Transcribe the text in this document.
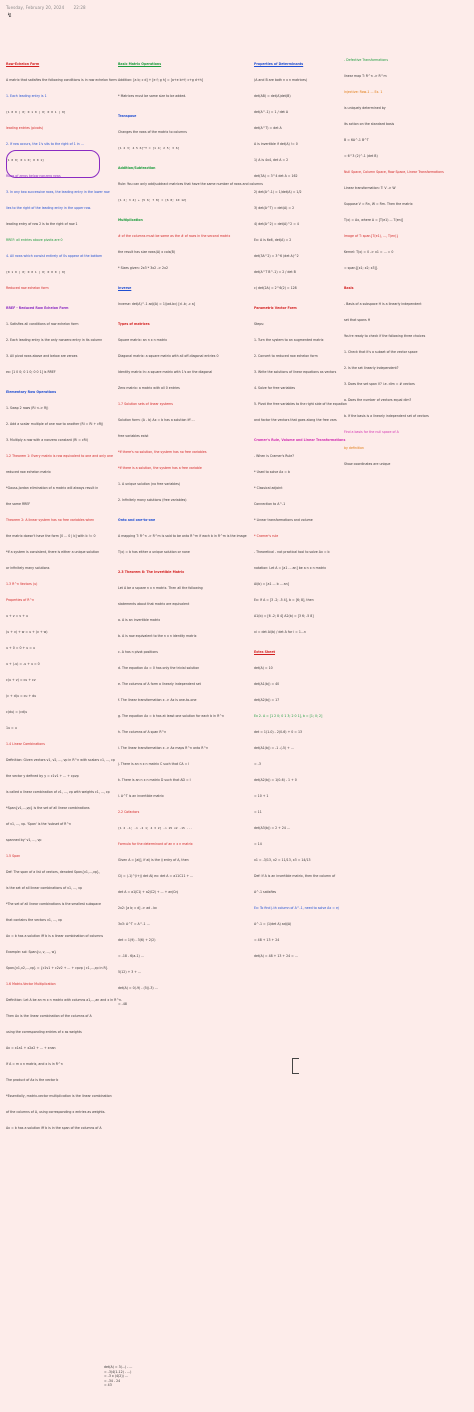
Tuesday, February 20, 2024 22:28
↯
Row-Echelon Form
A matrix that satisfies the following conditions is in row echelon form:
1. Each leading entry is 1
[1 0 0 | 0; 0 1 0 | 0; 0 0 1 | 0]
leading entries (pivots)
2. If row occurs, the 1's sits to the right of 1 in ...
[1 0 0; 0 1 0; 0 0 1]
Rows of zeros below nonzero rows
3. In any two successive rows, the leading entry in the lower row
lies to the right of the leading entry in the upper row.
leading entry of row 2 is to the right of row 1
RREF: all entries above pivots are 0
4. All rows which consist entirely of 0s appear at the bottom
[0 1 0 | 0; 0 0 1 | 0; 0 0 0 | 0]
Reduced row echelon form
RREF - Reduced Row Echelon Form
1. Satisfies all conditions of row echelon form
2. Each leading entry is the only nonzero entry in its column
3. All pivot rows above and below are zeroes
ex: [1 0 0; 0 1 0; 0 0 1] is RREF
Elementary Row Operations
1. Swap 2 rows (Ri <-> Rj)
2. Add a scalar multiple of one row to another (Ri = Ri + cRj)
3. Multiply a row with a nonzero constant (Ri = cRi)
1.2 Theorem 1: Every matrix is row equivalent to one and only one
reduced row echelon matrix
*Gauss-Jordan elimination of a matrix will always result in
the same RREF
Theorem 2: A linear system has no free variables when
the matrix doesn't have the form [0 ... 0 | b] with b != 0
*If a system is consistent, there is either a unique solution
or infinitely many solutions
1.3 R^n Vectors (u)
Properties of R^n
u + v = v + u
(u + v) + w = u + (v + w)
u + 0 = 0 + u = u
u + (-u) = -u + u = 0
c(u + v) = cu + cv
(c + d)u = cu + du
c(du) = (cd)u
1u = u
1.4 Linear Combinations
Definition: Given vectors v1, v2, ..., vp in R^n with scalars c1, ..., cp
the vector y defined by y = c1v1 + ... + cpvp
is called a linear combination of v1, ..., vp with weights c1, ..., cp
*Span{v1,...,vp} is the set of all linear combinations
of v1, ..., vp. 'Span' is the 'subset of R^n
spanned by' v1, ..., vp
1.5 Span
Def: The span of a list of vectors, denoted Span{v1,...,vp},
is the set of all linear combinations of v1, ..., vp
*The set of all linear combinations is the smallest subspace
that contains the vectors v1, ..., vp
Ax = b has a solution iff b is a linear combination of columns
Example: sol: Span{u, v, ..., w}
Span{v1,v2,...,vp} = {c1v1 + c2v2 + ... + cpvp | c1,...,cp in R}
1.6 Matrix-Vector Multiplication
Definition: Let A be an m x n matrix with columns a1,...,an and x in R^n.
Then Ax is the linear combination of the columns of A
using the corresponding entries of x as weights
Ax = x1a1 + x2a2 + ... + xnan
If A = m x n matrix, and x is in R^n
The product of Ax is the vector b
*Essentially, matrix-vector multiplication is the linear combination
of the columns of A, using corresponding x entries as weights.
Ax = b has a solution iff b is in the span of the columns of A
Basic Matrix Operations
Addition: [a b; c d] + [e f; g h] = [a+e b+f; c+g d+h]
* Matrices must be same size to be added.
Transpose
Changes the rows of the matrix to columns
[1 2 3; 4 5 6]^T = [1 4; 2 5; 3 6]
Addition/Subtraction
Rule: You can only add/subtract matrices that have the same number of rows and columns
[1 2; 3 4] + [5 6; 7 8] = [6 8; 10 12]
Multiplication
# of the columns must be same as the # of rows in the second matrix
the result has size rows(A) x cols(B)
* Sizes given: 2x3 * 3x2 -> 2x2
Inverse
Inverse: det(A)^-1 adj(A) = 1/(ad-bc) [d -b; -c a]
Types of matrices
Square matrix: an n x n matrix
Diagonal matrix: a square matrix with all off-diagonal entries 0
Identity matrix In: a square matrix with 1's on the diagonal
Zero matrix: a matrix with all 0 entries
1.7 Solution sets of linear systems
Solution form: (A - b) Ax = b has a solution iff ...
free variables exist
*If there's no solution, the system has no free variables
*If there is a solution, the system has a free variable
1. A unique solution (no free variables)
2. Infinitely many solutions (free variables)
Onto and one-to-one
A mapping T: R^n -> R^m is said to be onto R^m if each b in R^m is the image
T(x) = b has either a unique solution or none
2.3 Theorem 8: The Invertible Matrix
Let A be a square n x n matrix. Then all the following
statements about that matrix are equivalent
a. A is an invertible matrix
b. A is row equivalent to the n x n identity matrix
c. A has n pivot positions
d. The equation Ax = 0 has only the trivial solution
e. The columns of A form a linearly independent set
f. The linear transformation x -> Ax is one-to-one
g. The equation Ax = b has at least one solution for each b in R^n
h. The columns of A span R^n
i. The linear transformation x -> Ax maps R^n onto R^n
j. There is an n x n matrix C such that CA = I
k. There is an n x n matrix D such that AD = I
l. A^T is an invertible matrix
2.2 Cofactors
[1 2 -1; -1 -2 1; 4 3 2] -> 25 x2 -15 ...
Formula for the determinant of an n x n matrix
Given A = [aij], if aij is the ij entry of A, then
Cij = (-1)^(i+j) det Aij ex: det A = a11C11 + ...
det A = a1jC1j + a2jC2j + ... + anjCnj
2x2: [a b; c d] -> ad - bc
3x3: A^T = A^-1 ...
det = 1(9) - 3(6) + 2(2)
= -18 - 6(a-1) ...
5(12) + 3 + ...
det(A) = 0(-9) - (5)(-3) ...
= -48
Properties of Determinants
(A and B are both n x n matrices)
det(AB) = det(A)det(B)
det(A^-1) = 1 / det A
det(A^T) = det A
A is invertible if det(A) != 0
1) A is 4x4, det A = 2
det(3A) = 3^4 det A = 162
2) det(A^-1) = 1/det(A) = 1/2
3) det(A^T) = det(A) = 2
4) det(A^2) = det(A)^2 = 4
Ex: A is 6x6, det(A) = 2
det(3A^2) = 3^6 (det A)^2
det(A^T B^-1) = 2 / det B
c) det(2A) = 2^6(2) = 128
Parametric Vector Form
Steps:
1. Turn the system to an augmented matrix
2. Convert to reduced row echelon form
3. Write the solutions of linear equations as vectors
4. Solve for free variables
5. Pivot the free variables to the right side of the equation
and factor the vectors that goes along the free vars
Cramer's Rule, Volume and Linear Transformations
- When is Cramer's Rule?
* Used to solve Ax = b
* Classical adjoint
Connection to A^-1
* Linear transformations and volume
* Cramer's rule
- Theoretical - not practical tool to solve Ax = b
notation: Let A = [a1 ... an] be a n x n matrix
Ai(b) = [a1 ... b ... an]
Ex: If A = [3 -2; -5 4], b = [6; 8], then
A1(b) = [6 -2; 8 4] A2(b) = [3 6; -5 8]
xi = det Ai(b) / det A for i = 1...n
Extra Sheet
det(A) = 10
det(A1(b)) = 40
det(A2(b)) = 17
Ex 2. A = [1 2 0; 0 1 3; 2 0 1], b = [1; 0; 2]
det = 1(1-0) - 2(0-6) + 0 = 13
det(A1(b)) = -1 -(-5) + ...
= -3
det(A2(b)) = 1(0-6) - 1 + 0
= 10 + 1
= 11
det(A3(b)) = 2 + 24 ...
= 14
x1 = -3/13, x2 = 11/13, x3 = 14/13
Def: If A is an invertible matrix, then the column of
A^-1 satisfies
Ex: To find j-th column of A^-1, need to solve Ax = ej
A^-1 = (1/det A) adj(A)
= 48 + 13 + 24
det(A) = 48 + 13 + 24 = ...
- Defective Transformations
linear map T: R^n -> R^m
Injective: Row-1 ... Ex. 1
is uniquely determined by
its action on the standard basis
B = 6A^-1 B^T
= 6^3 (2)^-1 (det B)
Null Space, Column Space, Row Space, Linear Transformations
Linear transformation: T: V -> W
Suppose V = Rn, W = Rm. Then the matrix
T(x) = Ax, where A = [T(e1) ... T(en)]
Image of T: span{T(e1), ..., T(en)}
Kernel: T(x) = 0 -> x1 = ... = 0
= span{[x1; x2; x3]}
Basis
- Basis of a subspace H is a linearly independent
set that spans H
You're ready to check if the following three choices
1. Check that it's a subset of the vector space
2. Is the set linearly independent?
3. Does the set span V? i.e. dim = # vectors
a. Does the number of vectors equal dim?
b. If the basis is a linearly independent set of vectors
Find a basis for the null space of A
by definition
Show coordinates are unique
det(A) = 3(...) - ...
= -3(4(1-12) - ...)
= -3 x (4(2)) ...
= -34 - 24
= 43
